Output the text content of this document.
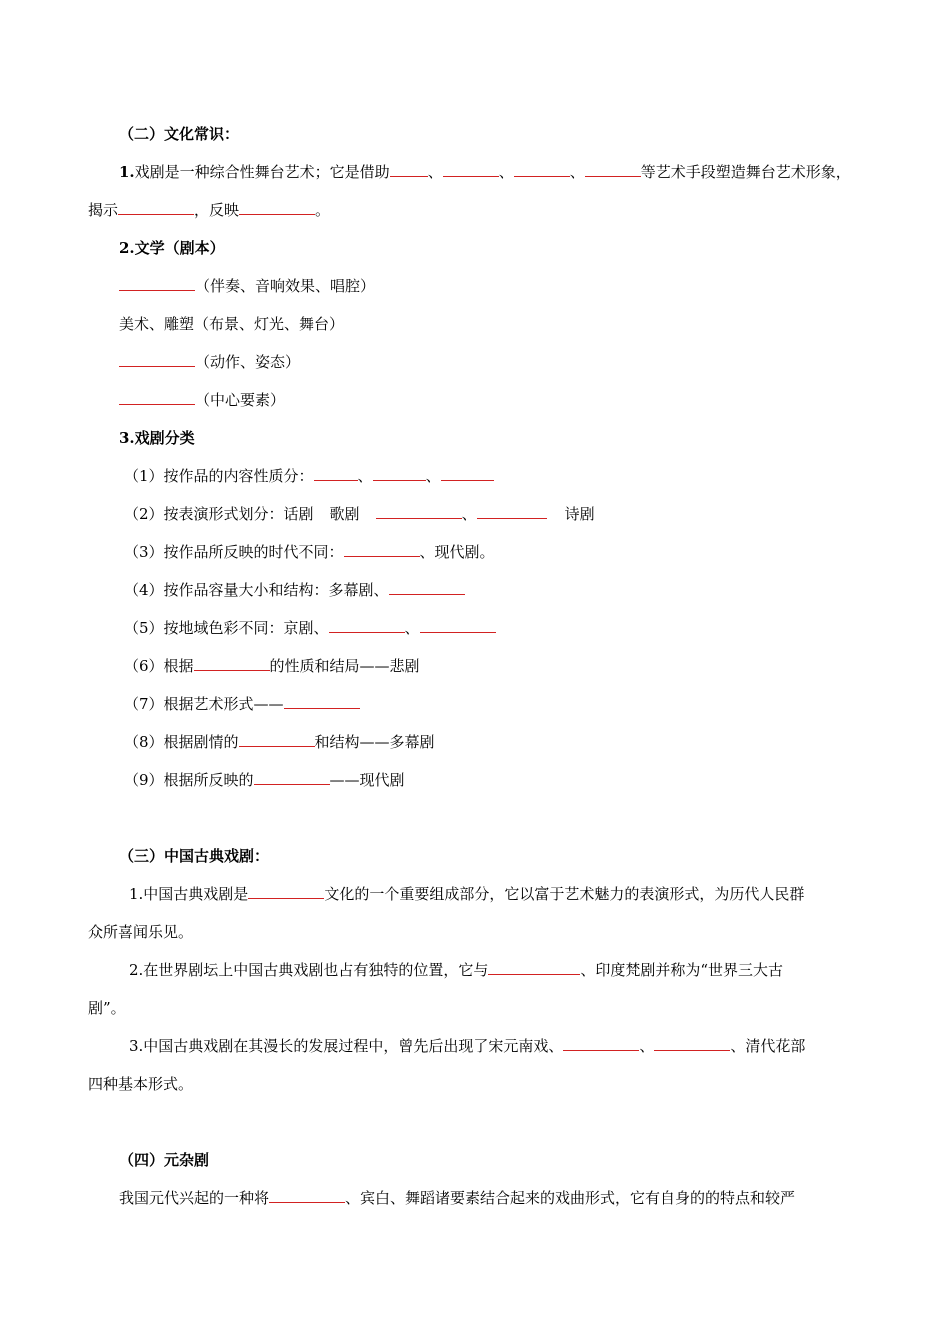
（二）文化常识：
1.戏剧是一种综合性舞台艺术；它是借助	、	、	、	等艺术手段塑造舞台艺术形象，
揭示	，反映	。
2.文学（剧本）
（伴奏、音响效果、唱腔）
美术、雕塑（布景、灯光、舞台）
（动作、姿态）
（中心要素）
3.戏剧分类
（1）按作品的内容性质分：	、	、
（2）按表演形式划分：话剧 歌剧	、	诗剧
（3）按作品所反映的时代不同：	、现代剧。
（4）按作品容量大小和结构：多幕剧、
（5）按地域色彩不同：京剧、	、
（6）根据	的性质和结局——悲剧
（7）根据艺术形式——
（8）根据剧情的	和结构——多幕剧
（9）根据所反映的	——现代剧
（三）中国古典戏剧：
1.中国古典戏剧是	文化的一个重要组成部分，它以富于艺术魅力的表演形式，为历代人民群
众所喜闻乐见。
2.在世界剧坛上中国古典戏剧也占有独特的位置，它与	、印度梵剧并称为“世界三大古
剧”。
3.中国古典戏剧在其漫长的发展过程中，曾先后出现了宋元南戏、	、	、清代花部
四种基本形式。
（四）元杂剧
我国元代兴起的一种将	、宾白、舞蹈诸要素结合起来的戏曲形式，它有自身的的特点和较严
